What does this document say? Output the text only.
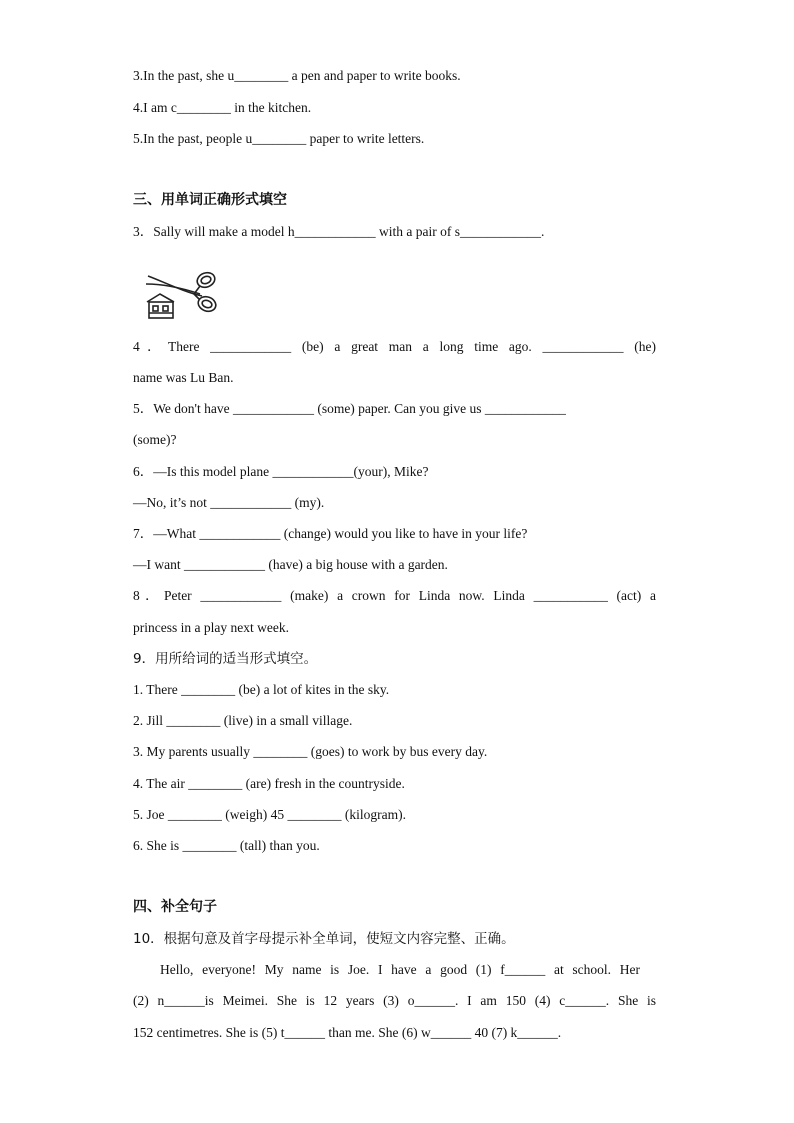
3.In the past, she u________ a pen and paper to write books.
4.I am c________ in the kitchen.
5.In the past, people u________ paper to write letters.
三、用单词正确形式填空
3．Sally will make a model h____________ with a pair of s____________.
4．There ____________ (be) a great man a long time ago. ____________ (he)
name was Lu Ban.
5．We don't have ____________ (some) paper. Can you give us ____________
(some)?
6．—Is this model plane ____________(your), Mike?
—No, it’s not ____________ (my).
7．—What ____________ (change) would you like to have in your life?
—I want ____________ (have) a big house with a garden.
8．Peter ____________ (make) a crown for Linda now. Linda ___________ (act) a
princess in a play next week.
9．用所给词的适当形式填空。
1. There ________ (be) a lot of kites in the sky.
2. Jill ________ (live) in a small village.
3. My parents usually ________ (goes) to work by bus every day.
4. The air ________ (are) fresh in the countryside.
5. Joe ________ (weigh) 45 ________ (kilogram).
6. She is ________ (tall) than you.
四、补全句子
10．根据句意及首字母提示补全单词，使短文内容完整、正确。
Hello, everyone! My name is Joe. I have a good (1) f______ at school. Her
(2) n______is Meimei. She is 12 years (3) o______. I am 150 (4) c______. She is
152 centimetres. She is (5) t______ than me. She (6) w______ 40 (7) k______.
